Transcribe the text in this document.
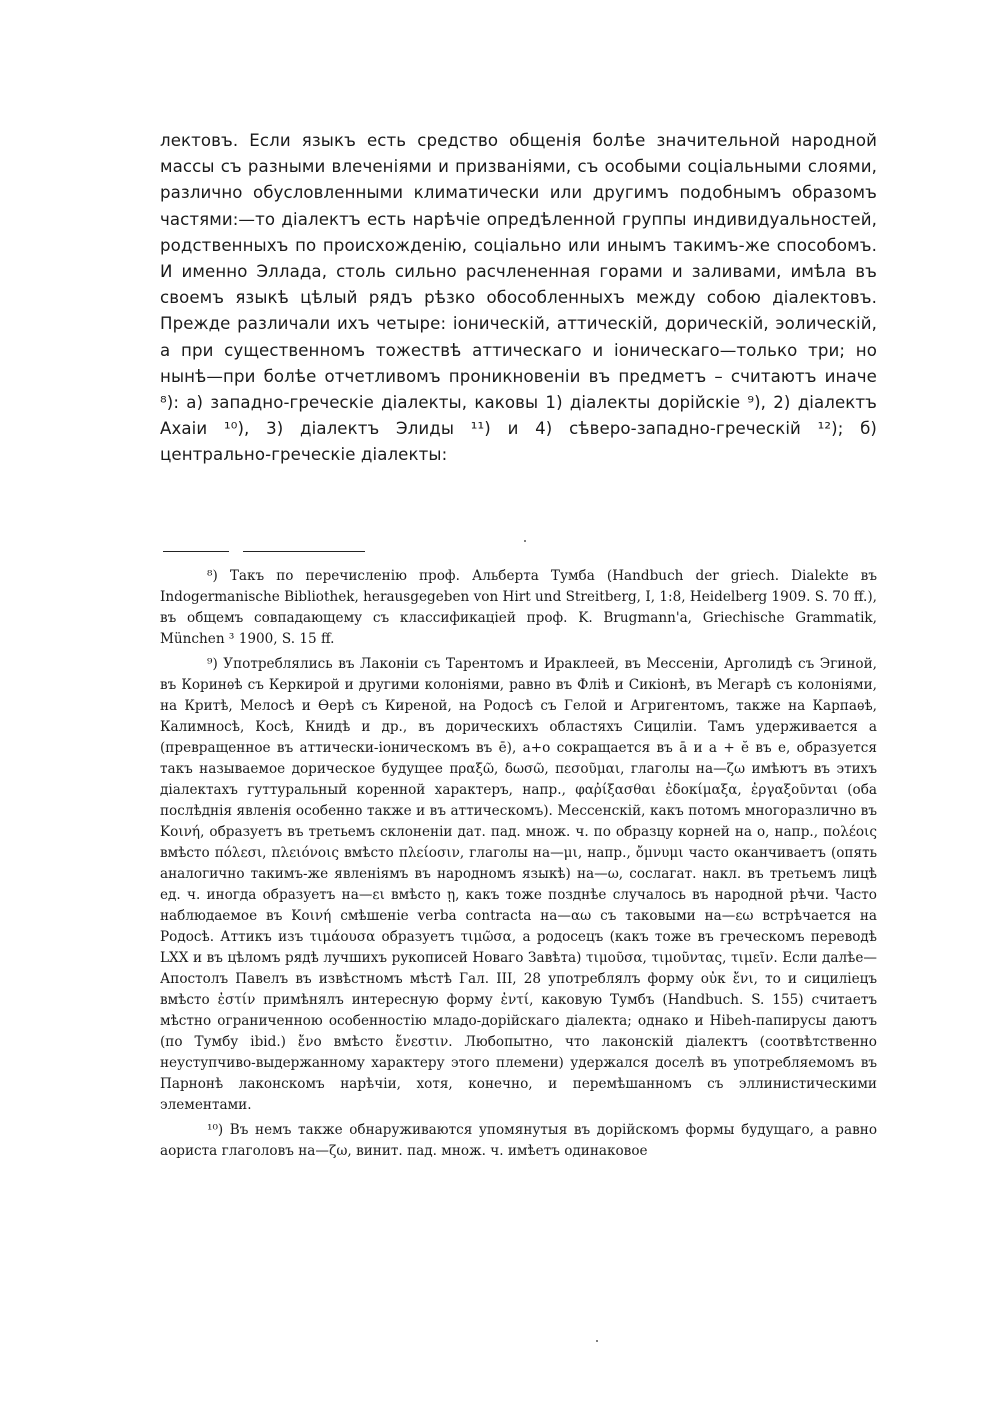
лектовъ. Если языкъ есть средство общенія болѣе значительной народной массы съ разными влеченіями и призваніями, съ особыми соціальными слоями, различно обусловленными климатически или другимъ подобнымъ образомъ частями:—то діалектъ есть нарѣчіе опредѣленной группы индивидуальностей, родственныхъ по происхожденію, соціально или инымъ такимъ-же способомъ. И именно Эллада, столь сильно расчлененная горами и заливами, имѣла въ своемъ языкѣ цѣлый рядъ рѣзко обособленныхъ между собою діалектовъ. Прежде различали ихъ четыре: іоническій, аттическій, дорическій, эолическій, а при существенномъ тожествѣ аттическаго и іоническаго—только три; но нынѣ—при болѣе отчетливомъ проникновеніи въ предметъ – считаютъ иначе ⁸): а) западно-греческіе діалекты, каковы 1) діалекты дорійскіе ⁹), 2) діалектъ Ахаіи ¹⁰), 3) діалектъ Элиды ¹¹) и 4) сѣверо-западно-греческій ¹²); б) центрально-греческіе діалекты:

⁸) Такъ по перечисленію проф. Альберта Тумба (Handbuch der griech. Dialekte въ Indogermanische Bibliothek, herausgegeben von Hirt und Streitberg, I, 1:8, Heidelberg 1909. S. 70 ff.), въ общемъ совпадающему съ классификаціей проф. K. Brugmann'a, Griechische Grammatik, München ³ 1900, S. 15 ff.

⁹) Употреблялись въ Лаконіи съ Тарентомъ и Ираклеей, въ Мессеніи, Арголидѣ съ Эгиной, въ Коринѳѣ съ Керкирой и другими колоніями, равно въ Флiѣ и Сикіонѣ, въ Мегарѣ съ колоніями, на Критѣ, Мелосѣ и Ѳерѣ съ Киреной, на Родосѣ съ Гелой и Агригентомъ, также на Карпаѳѣ, Калимносѣ, Косѣ, Книдѣ и др., въ дорическихъ областяхъ Сициліи. Тамъ удерживается а (превращенное въ аттически-іоническомъ въ ē), а+о сокращается въ ā и а + ĕ въ е, образуется такъ называемое дорическое будущее πραξῶ, δωσῶ, πεσοῦμαι, глаголы на—ζω имѣютъ въ этихъ діалектахъ гуттуральный коренной характеръ, напр., φαῤίξασθαι ἐδοκίμαξα, ἐργαξοῦνται (оба послѣднія явленія особенно также и въ аттическомъ). Мессенскій, какъ потомъ многоразлично въ Κοινή, образуетъ въ третьемъ склоненіи дат. пад. множ. ч. по образцу корней на ο, напр., πολέοις вмѣсто πόλεσι, πλειόνοις вмѣсто πλείοσιν, глаголы на—μι, напр., ὄμνυμι часто оканчиваетъ (опять аналогично такимъ-же явленіямъ въ народномъ языкѣ) на—ω, сослагат. накл. въ третьемъ лицѣ ед. ч. иногда образуетъ на—ει вмѣсто ῃ, какъ тоже позднѣе случалось въ народной рѣчи. Часто наблюдаемое въ Κοινή смѣшеніе verba contracta на—αω съ таковыми на—εω встрѣчается на Родосѣ. Аттикъ изъ τιμάουσα образуетъ τιμῶσα, а родосецъ (какъ тоже въ греческомъ переводѣ LXX и въ цѣломъ рядѣ лучшихъ рукописей Новаго Завѣта) τιμοῦσα, τιμοῦντας, τιμεῖν. Если далѣе—Апостолъ Павелъ въ извѣстномъ мѣстѣ Гал. III, 28 употреблялъ форму οὐκ ἔνι, то и сициліецъ вмѣсто ἐστίν примѣнялъ интересную форму ἐντί, каковую Тумбъ (Handbuch. S. 155) считаетъ мѣстно ограниченною особенностію младо-дорійскаго діалекта; однако и Hibeh-папирусы даютъ (по Тумбу ibid.) ἔνο вмѣсто ἔνεστιν. Любопытно, что лаконскій діалектъ (соотвѣтственно неуступчиво-выдержанному характеру этого племени) удержался доселѣ въ употребляемомъ въ Парнонѣ лаконскомъ нарѣчіи, хотя, конечно, и перемѣшанномъ съ эллинистическими элементами.

¹⁰) Въ немъ также обнаруживаются упомянутыя въ дорійскомъ формы будущаго, а равно аориста глаголовъ на—ζω, винит. пад. множ. ч. имѣетъ одинаковое
